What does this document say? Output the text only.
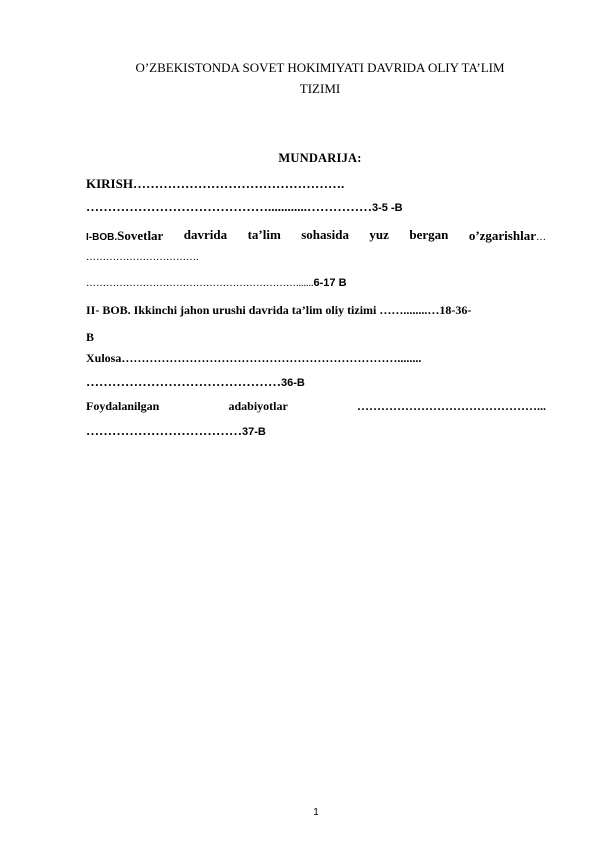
O’ZBEKISTONDA SOVET HOKIMIYATI DAVRIDA OLIY TA’LIM
TIZIMI
MUNDARIJA:
KIRISH………………………………………….
……………………………………............……………3-5 -B
I-BOB.Sovetlar davrida ta’lim sohasida yuz bergan o’zgarishlar…
…………………………….
……………………………………………………….......6-17 B
II- BOB. Ikkinchi jahon urushi davrida ta’lim oliy tizimi ……........…18-36-
B
Xulosa……………………………………………………………........
………………………………………36-B
Foydalanilgan	adabiyotlar	………………………………………...
………………………………37-B
1
